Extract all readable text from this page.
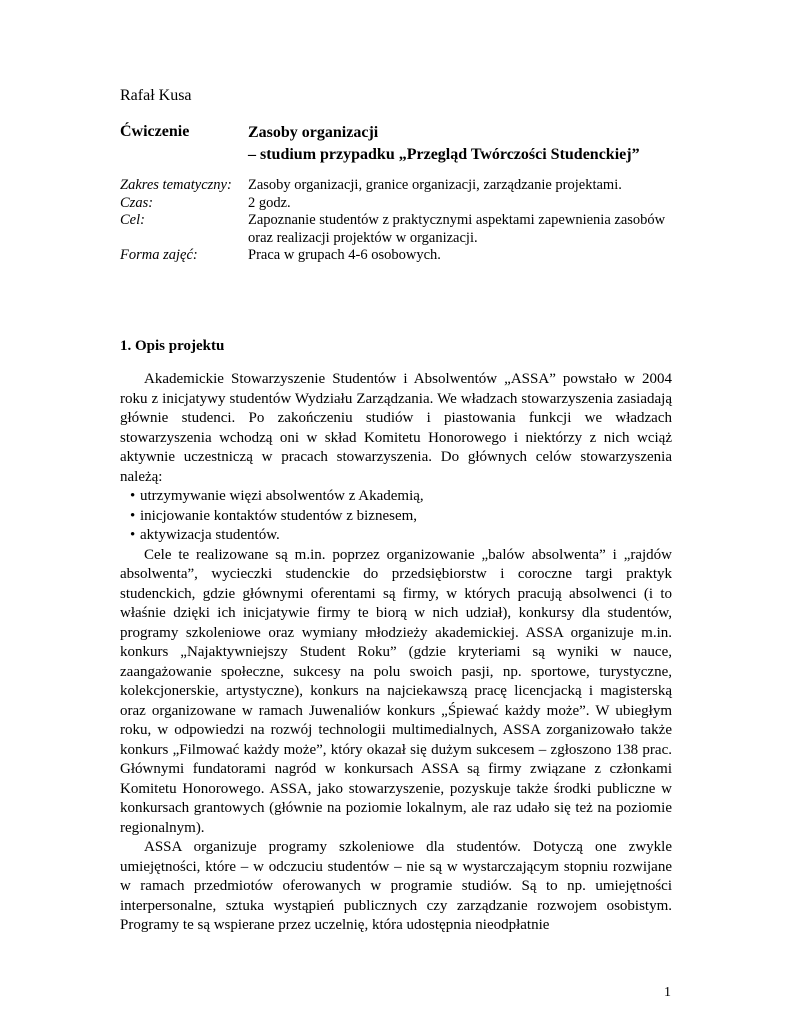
Rafał Kusa
Ćwiczenie	Zasoby organizacji
– studium przypadku „Przegląd Twórczości Studenckiej”
Zakres tematyczny:	Zasoby organizacji, granice organizacji, zarządzanie projektami.
Czas:	2 godz.
Cel:	Zapoznanie studentów z praktycznymi aspektami zapewnienia zasobów
oraz realizacji projektów w organizacji.
Forma zajęć:	Praca w grupach 4-6 osobowych.
1. Opis projektu

Akademickie Stowarzyszenie Studentów i Absolwentów „ASSA” powstało w 2004 roku z inicjatywy studentów Wydziału Zarządzania. We władzach stowarzyszenia zasiadają głównie studenci. Po zakończeniu studiów i piastowania funkcji we władzach stowarzyszenia wchodzą oni w skład Komitetu Honorowego i niektórzy z nich wciąż aktywnie uczestniczą w pracach stowarzyszenia. Do głównych celów stowarzyszenia należą:

• utrzymywanie więzi absolwentów z Akademią,
• inicjowanie kontaktów studentów z biznesem,
• aktywizacja studentów.

Cele te realizowane są m.in. poprzez organizowanie „balów absolwenta” i „rajdów absolwenta”, wycieczki studenckie do przedsiębiorstw i coroczne targi praktyk studenckich, gdzie głównymi oferentami są firmy, w których pracują absolwenci (i to właśnie dzięki ich inicjatywie firmy te biorą w nich udział), konkursy dla studentów, programy szkoleniowe oraz wymiany młodzieży akademickiej. ASSA organizuje m.in. konkurs „Najaktywniejszy Student Roku” (gdzie kryteriami są wyniki w nauce, zaangażowanie społeczne, sukcesy na polu swoich pasji, np. sportowe, turystyczne, kolekcjonerskie, artystyczne), konkurs na najciekawszą pracę licencjacką i magisterską oraz organizowane w ramach Juwenaliów konkurs „Śpiewać każdy może”. W ubiegłym roku, w odpowiedzi na rozwój technologii multimedialnych, ASSA zorganizowało także konkurs „Filmować każdy może”, który okazał się dużym sukcesem – zgłoszono 138 prac. Głównymi fundatorami nagród w konkursach ASSA są firmy związane z członkami Komitetu Honorowego. ASSA, jako stowarzyszenie, pozyskuje także środki publiczne w konkursach grantowych (głównie na poziomie lokalnym, ale raz udało się też na poziomie regionalnym).

ASSA organizuje programy szkoleniowe dla studentów. Dotyczą one zwykle umiejętności, które – w odczuciu studentów – nie są w wystarczającym stopniu rozwijane w ramach przedmiotów oferowanych w programie studiów. Są to np. umiejętności interpersonalne, sztuka wystąpień publicznych czy zarządzanie rozwojem osobistym. Programy te są wspierane przez uczelnię, która udostępnia nieodpłatnie

1
